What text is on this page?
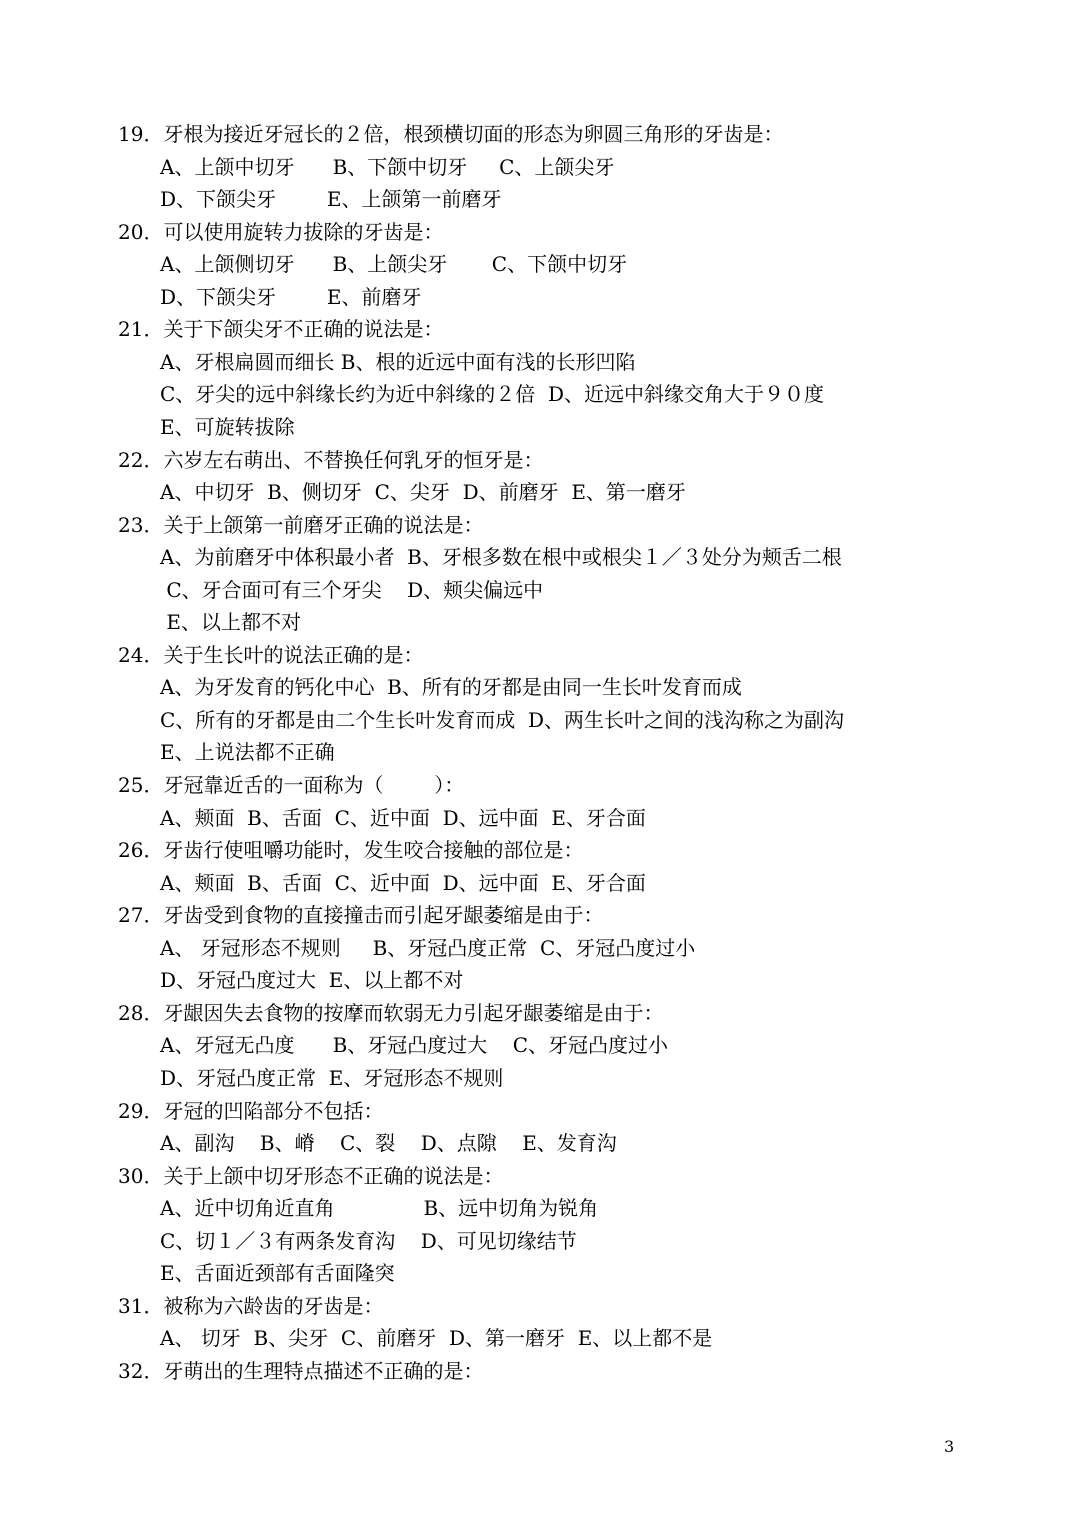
19．牙根为接近牙冠长的２倍，根颈横切面的形态为卵圆三角形的牙齿是：
A、上颌中切牙      B、下颌中切牙     C、上颌尖牙
D、下颌尖牙        E、上颌第一前磨牙
20．可以使用旋转力拔除的牙齿是：
A、上颌侧切牙      B、上颌尖牙       C、下颌中切牙
D、下颌尖牙        E、前磨牙
21．关于下颌尖牙不正确的说法是：
A、牙根扁圆而细长 B、根的近远中面有浅的长形凹陷
C、牙尖的远中斜缘长约为近中斜缘的２倍  D、近远中斜缘交角大于９０度
E、可旋转拔除
22．六岁左右萌出、不替换任何乳牙的恒牙是：
A、中切牙  B、侧切牙  C、尖牙  D、前磨牙  E、第一磨牙
23．关于上颌第一前磨牙正确的说法是：
A、为前磨牙中体积最小者  B、牙根多数在根中或根尖１／３处分为颊舌二根
C、牙合面可有三个牙尖    D、颊尖偏远中
E、以上都不对
24．关于生长叶的说法正确的是：
A、为牙发育的钙化中心  B、所有的牙都是由同一生长叶发育而成
C、所有的牙都是由二个生长叶发育而成  D、两生长叶之间的浅沟称之为副沟
E、上说法都不正确
25．牙冠靠近舌的一面称为（        ）：
A、颊面  B、舌面  C、近中面  D、远中面  E、牙合面
26．牙齿行使咀嚼功能时，发生咬合接触的部位是：
A、颊面  B、舌面  C、近中面  D、远中面  E、牙合面
27．牙齿受到食物的直接撞击而引起牙龈萎缩是由于：
A、 牙冠形态不规则     B、牙冠凸度正常  C、牙冠凸度过小
D、牙冠凸度过大  E、以上都不对
28．牙龈因失去食物的按摩而软弱无力引起牙龈萎缩是由于：
A、牙冠无凸度      B、牙冠凸度过大    C、牙冠凸度过小
D、牙冠凸度正常  E、牙冠形态不规则
29．牙冠的凹陷部分不包括：
A、副沟    B、嵴    C、裂    D、点隙    E、发育沟
30．关于上颌中切牙形态不正确的说法是：
A、近中切角近直角              B、远中切角为锐角
C、切１／３有两条发育沟    D、可见切缘结节
E、舌面近颈部有舌面隆突
31．被称为六龄齿的牙齿是：
A、 切牙  B、尖牙  C、前磨牙  D、第一磨牙  E、以上都不是
32．牙萌出的生理特点描述不正确的是：
3
